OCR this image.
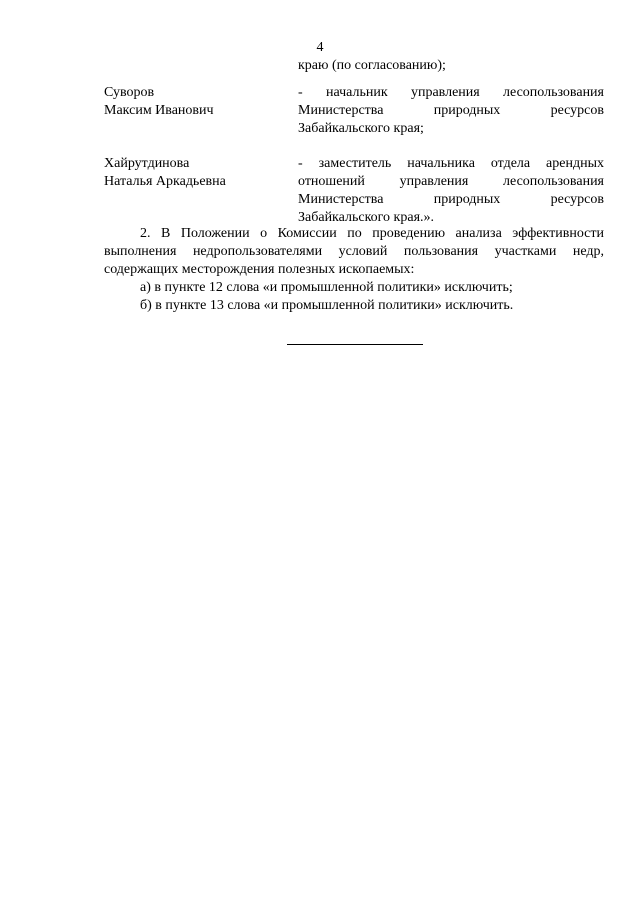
4
краю (по согласованию);
Суворов
Максим Иванович
- начальник управления лесопользования
Министерства природных ресурсов
Забайкальского края;
Хайрутдинова
Наталья Аркадьевна
- заместитель начальника отдела арендных
отношений управления лесопользования
Министерства природных ресурсов
Забайкальского края.».
2. В Положении о Комиссии по проведению анализа эффективности
выполнения недропользователями условий пользования участками недр,
содержащих месторождения полезных ископаемых:
а) в пункте 12 слова «и промышленной политики» исключить;
б) в пункте 13 слова «и промышленной политики» исключить.
